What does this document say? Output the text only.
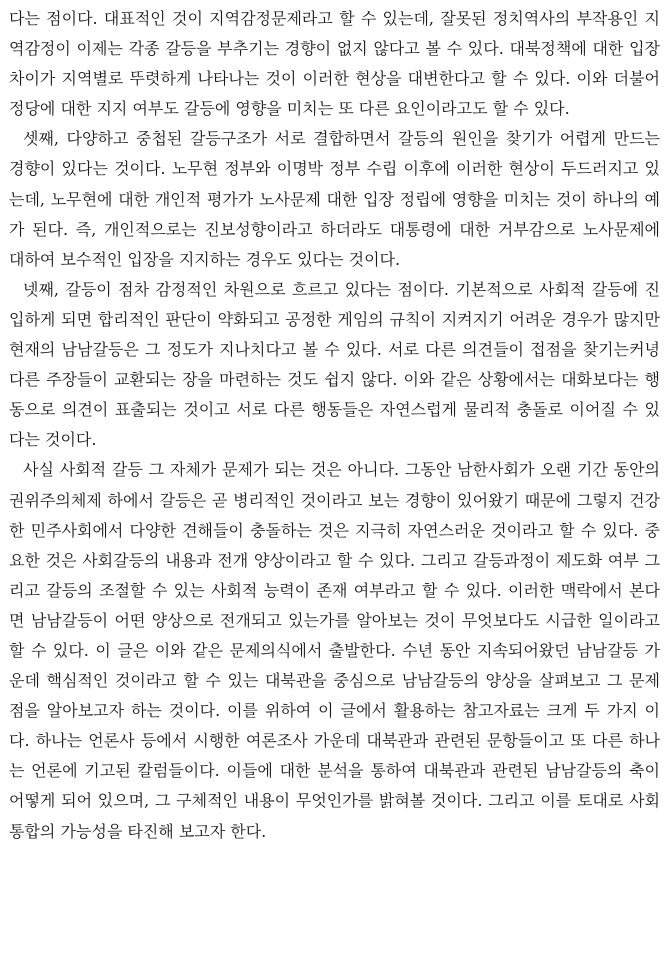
다는 점이다. 대표적인 것이 지역감정문제라고 할 수 있는데, 잘못된 정치역사의 부작용인 지
역감정이 이제는 각종 갈등을 부추기는 경향이 없지 않다고 볼 수 있다. 대북정책에 대한 입장
차이가 지역별로 뚜렷하게 나타나는 것이 이러한 현상을 대변한다고 할 수 있다. 이와 더불어
정당에 대한 지지 여부도 갈등에 영향을 미치는 또 다른 요인이라고도 할 수 있다.
셋째, 다양하고 중첩된 갈등구조가 서로 결합하면서 갈등의 원인을 찾기가 어렵게 만드는
경향이 있다는 것이다. 노무현 정부와 이명박 정부 수립 이후에 이러한 현상이 두드러지고 있
는데, 노무현에 대한 개인적 평가가 노사문제 대한 입장 정립에 영향을 미치는 것이 하나의 예
가 된다. 즉, 개인적으로는 진보성향이라고 하더라도 대통령에 대한 거부감으로 노사문제에
대하여 보수적인 입장을 지지하는 경우도 있다는 것이다.
넷째, 갈등이 점차 감정적인 차원으로 흐르고 있다는 점이다. 기본적으로 사회적 갈등에 진
입하게 되면 합리적인 판단이 약화되고 공정한 게임의 규칙이 지켜지기 어려운 경우가 많지만
현재의 남남갈등은 그 정도가 지나치다고 볼 수 있다. 서로 다른 의견들이 접점을 찾기는커녕
다른 주장들이 교환되는 장을 마련하는 것도 쉽지 않다. 이와 같은 상황에서는 대화보다는 행
동으로 의견이 표출되는 것이고 서로 다른 행동들은 자연스럽게 물리적 충돌로 이어질 수 있
다는 것이다.
사실 사회적 갈등 그 자체가 문제가 되는 것은 아니다. 그동안 남한사회가 오랜 기간 동안의
권위주의체제 하에서 갈등은 곧 병리적인 것이라고 보는 경향이 있어왔기 때문에 그렇지 건강
한 민주사회에서 다양한 견해들이 충돌하는 것은 지극히 자연스러운 것이라고 할 수 있다. 중
요한 것은 사회갈등의 내용과 전개 양상이라고 할 수 있다. 그리고 갈등과정이 제도화 여부 그
리고 갈등의 조절할 수 있는 사회적 능력이 존재 여부라고 할 수 있다. 이러한 맥락에서 본다
면 남남갈등이 어떤 양상으로 전개되고 있는가를 알아보는 것이 무엇보다도 시급한 일이라고
할 수 있다. 이 글은 이와 같은 문제의식에서 출발한다. 수년 동안 지속되어왔던 남남갈등 가
운데 핵심적인 것이라고 할 수 있는 대북관을 중심으로 남남갈등의 양상을 살펴보고 그 문제
점을 알아보고자 하는 것이다. 이를 위하여 이 글에서 활용하는 참고자료는 크게 두 가지 이
다. 하나는 언론사 등에서 시행한 여론조사 가운데 대북관과 관련된 문항들이고 또 다른 하나
는 언론에 기고된 칼럼들이다. 이들에 대한 분석을 통하여 대북관과 관련된 남남갈등의 축이
어떻게 되어 있으며, 그 구체적인 내용이 무엇인가를 밝혀볼 것이다. 그리고 이를 토대로 사회
통합의 가능성을 타진해 보고자 한다.
